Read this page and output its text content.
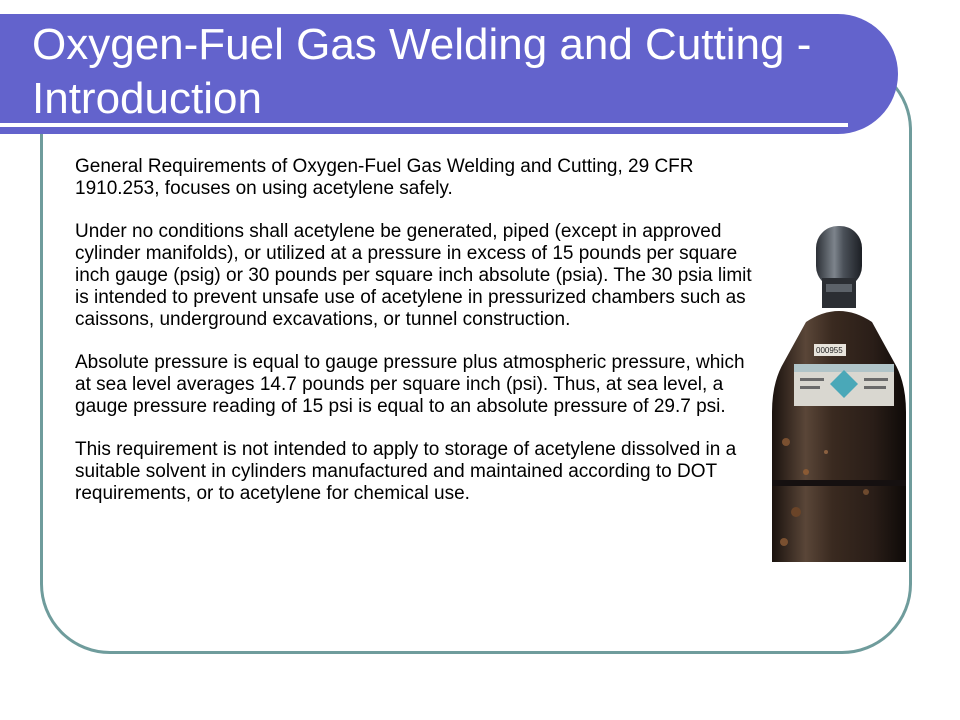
Oxygen-Fuel Gas Welding and Cutting - Introduction

General Requirements of Oxygen-Fuel Gas Welding and Cutting, 29 CFR 1910.253, focuses on using acetylene safely.

Under no conditions shall acetylene be generated, piped (except in approved cylinder manifolds), or utilized at a pressure in excess of 15 pounds per square inch gauge (psig) or 30 pounds per square inch absolute (psia). The 30 psia limit is intended to prevent unsafe use of acetylene in pressurized chambers such as caissons, underground excavations, or tunnel construction.

Absolute pressure is equal to gauge pressure plus atmospheric pressure, which at sea level averages 14.7 pounds per square inch (psi). Thus, at sea level, a gauge pressure reading of 15 psi is equal to an absolute pressure of 29.7 psi.

This requirement is not intended to apply to storage of acetylene dissolved in a suitable solvent in cylinders manufactured and maintained according to DOT requirements, or to acetylene for chemical use.

000955
